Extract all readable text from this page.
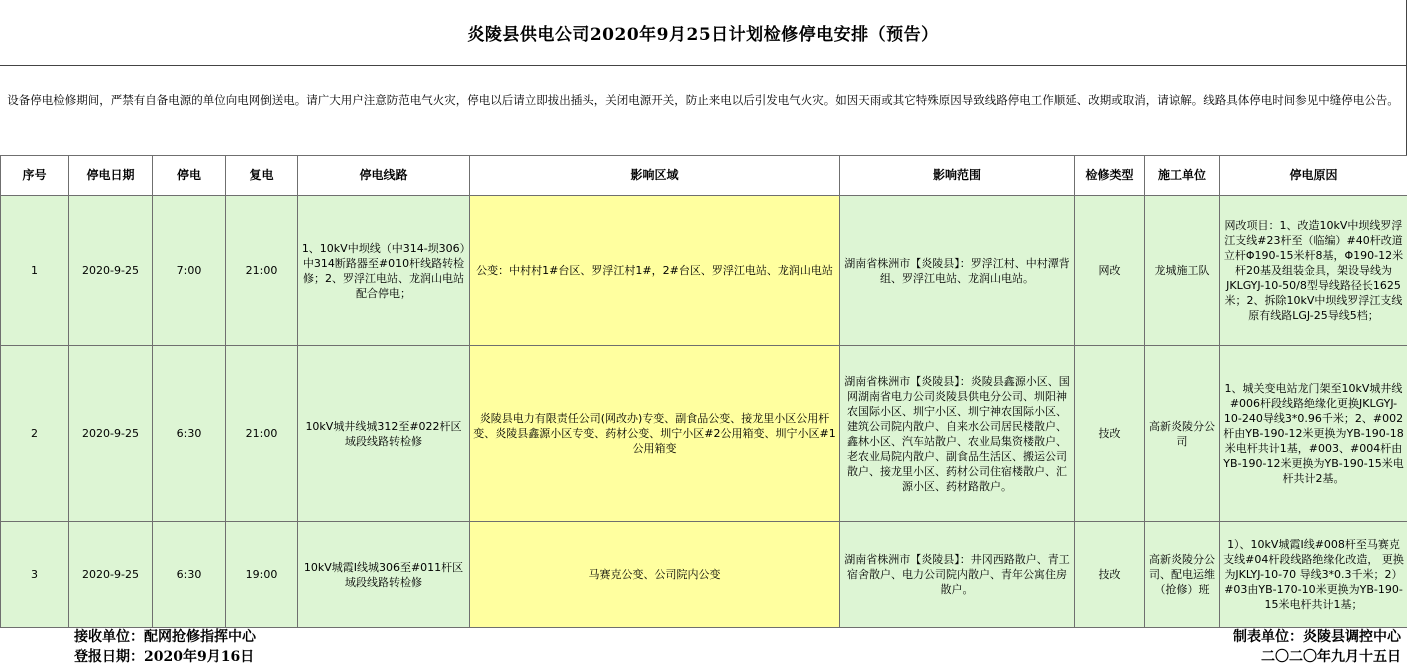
炎陵县供电公司2020年9月25日计划检修停电安排（预告）
设备停电检修期间，严禁有自备电源的单位向电网倒送电。请广大用户注意防范电气火灾，停电以后请立即拔出插头，关闭电源开关，防止来电以后引发电气火灾。如因天雨或其它特殊原因导致线路停电工作顺延、改期或取消，请谅解。线路具体停电时间参见中缝停电公告。
序号	停电日期	停电	复电	停电线路	影响区域	影响范围	检修类型	施工单位	停电原因
1	2020-9-25	7:00	21:00	1、10kV中坝线（中314-坝306）中314断路器至#010杆线路转检修；2、罗浮江电站、龙润山电站配合停电；	公变：中村村1#台区、罗浮江村1#，2#台区、罗浮江电站、龙润山电站	湖南省株洲市【炎陵县】：罗浮江村、中村潭背组、罗浮江电站、龙润山电站。	网改	龙城施工队	网改项目：1、改造10kV中坝线罗浮江支线#23杆至（临编）#40杆改道立杆Φ190-15米杆8基，Φ190-12米杆20基及组装金具，架设导线为JKLGYJ-10-50/8型导线路径长1625米；2、拆除10kV中坝线罗浮江支线原有线路LGJ-25导线5档；
2	2020-9-25	6:30	21:00	10kV城井线城312至#022杆区域段线路转检修	炎陵县电力有限责任公司(网改办)专变、副食品公变、接龙里小区公用杆变、炎陵县鑫源小区专变、药材公变、圳宁小区#2公用箱变、圳宁小区#1公用箱变	湖南省株洲市【炎陵县】：炎陵县鑫源小区、国网湖南省电力公司炎陵县供电分公司、圳阳神农国际小区、圳宁小区、圳宁神农国际小区、建筑公司院内散户、自来水公司居民楼散户、鑫林小区、汽车站散户、农业局集资楼散户、老农业局院内散户、副食品生活区、搬运公司散户、接龙里小区、药材公司住宿楼散户、汇源小区、药材路散户。	技改	高新炎陵分公司	1、城关变电站龙门架至10kV城井线#006杆段线路绝缘化更换JKLGYJ-10-240导线3*0.96千米；2、#002杆由YB-190-12米更换为YB-190-18米电杆共计1基，#003、#004杆由YB-190-12米更换为YB-190-15米电杆共计2基。
3	2020-9-25	6:30	19:00	10kV城霞Ⅰ线城306至#011杆区域段线路转检修	马赛克公变、公司院内公变	湖南省株洲市【炎陵县】：井冈西路散户、青工宿舍散户、电力公司院内散户、青年公寓住房散户。	技改	高新炎陵分公司、配电运维（抢修）班	1）、10kV城霞Ⅰ线#008杆至马赛克支线#04杆段线路绝缘化改造， 更换为JKLYJ-10-70 导线3*0.3千米；2）#03由YB-170-10米更换为YB-190-15米电杆共计1基；
接收单位：配网抢修指挥中心
登报日期：2020年9月16日
制表单位：炎陵县调控中心
二〇二〇年九月十五日
